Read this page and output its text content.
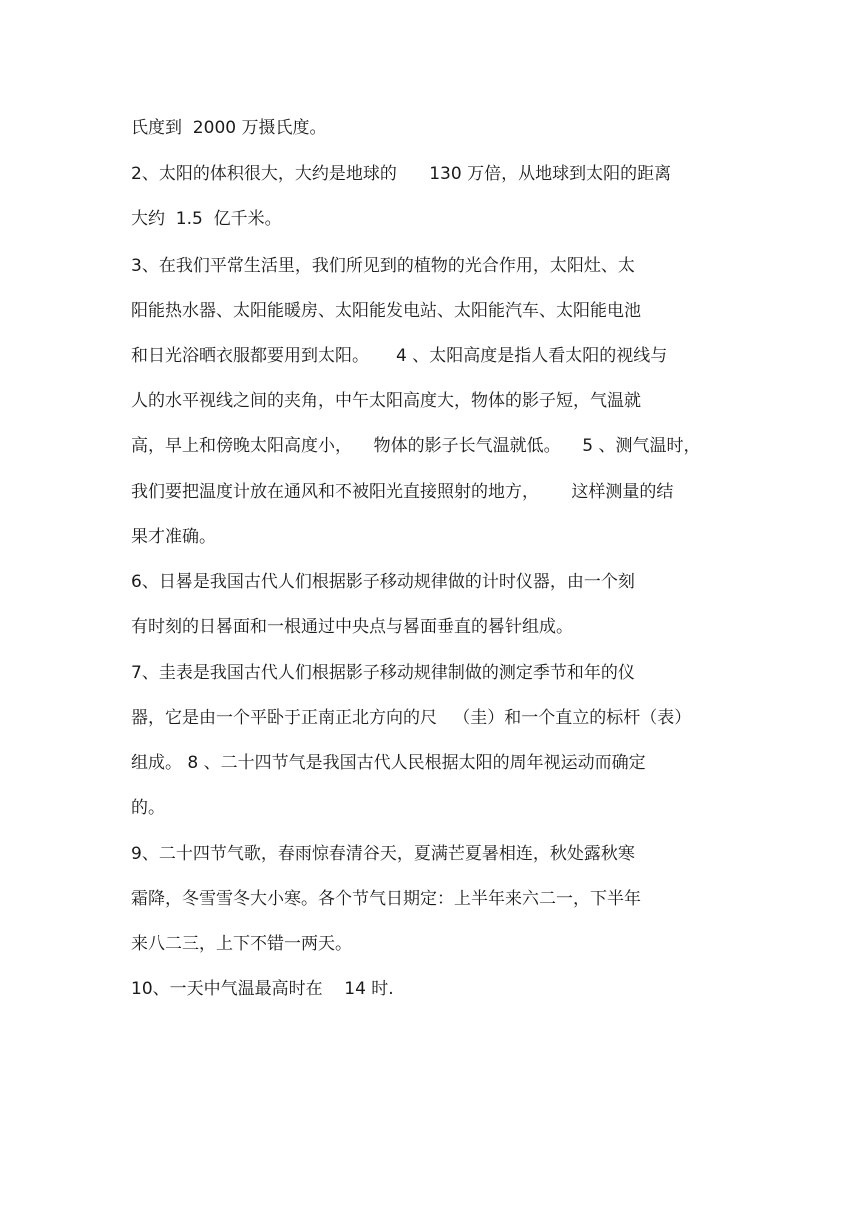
氏度到  2000 万摄氏度。
2、太阳的体积很大，大约是地球的      130 万倍，从地球到太阳的距离
大约  1.5  亿千米。
3、在我们平常生活里，我们所见到的植物的光合作用，太阳灶、太
阳能热水器、太阳能暖房、太阳能发电站、太阳能汽车、太阳能电池
和日光浴晒衣服都要用到太阳。     4 、太阳高度是指人看太阳的视线与
人的水平视线之间的夹角，中午太阳高度大，物体的影子短，气温就
高，早上和傍晚太阳高度小，    物体的影子长气温就低。    5 、测气温时，
我们要把温度计放在通风和不被阳光直接照射的地方，      这样测量的结
果才准确。
6、日晷是我国古代人们根据影子移动规律做的计时仪器，由一个刻
有时刻的日晷面和一根通过中央点与晷面垂直的晷针组成。
7、圭表是我国古代人们根据影子移动规律制做的测定季节和年的仪
器，它是由一个平卧于正南正北方向的尺   （圭）和一个直立的标杆（表）
组成。 8 、二十四节气是我国古代人民根据太阳的周年视运动而确定
的。
9、二十四节气歌，春雨惊春清谷天，夏满芒夏暑相连，秋处露秋寒
霜降，冬雪雪冬大小寒。各个节气日期定：上半年来六二一，下半年
来八二三，上下不错一两天。
10、一天中气温最高时在    14 时.
